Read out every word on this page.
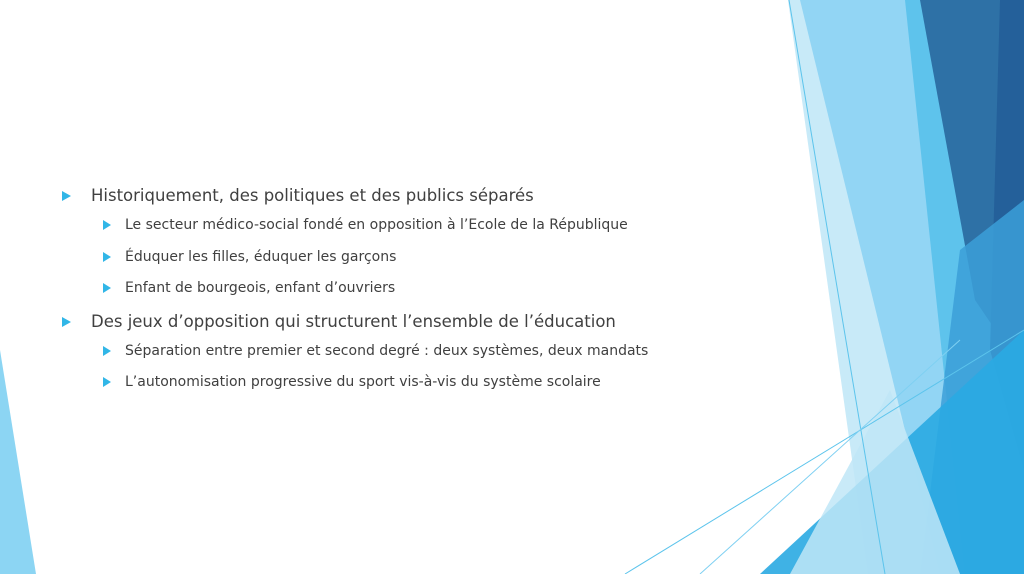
Historiquement, des politiques et des publics séparés
Le secteur médico-social fondé en opposition à l’Ecole de la République
Éduquer les filles, éduquer les garçons
Enfant de bourgeois, enfant d’ouvriers
Des jeux d’opposition qui structurent l’ensemble de l’éducation
Séparation entre premier et second degré : deux systèmes, deux mandats
L’autonomisation progressive du sport vis-à-vis du système scolaire
